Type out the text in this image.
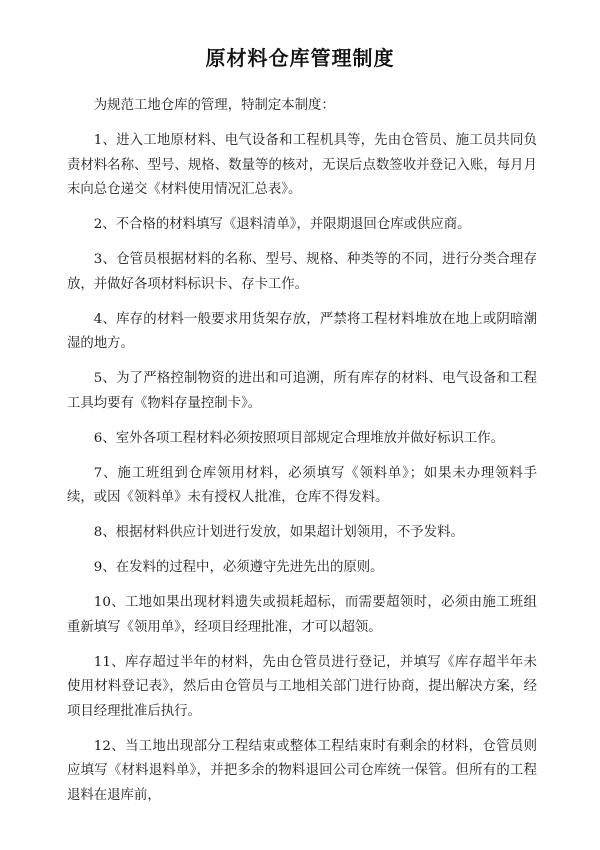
原材料仓库管理制度

为规范工地仓库的管理，特制定本制度：

1、进入工地原材料、电气设备和工程机具等，先由仓管员、施工员共同负责材料名称、型号、规格、数量等的核对，无误后点数签收并登记入账，每月月末向总仓递交《材料使用情况汇总表》。

2、不合格的材料填写《退料清单》，并限期退回仓库或供应商。

3、仓管员根据材料的名称、型号、规格、种类等的不同，进行分类合理存放，并做好各项材料标识卡、存卡工作。

4、库存的材料一般要求用货架存放，严禁将工程材料堆放在地上或阴暗潮湿的地方。

5、为了严格控制物资的进出和可追溯，所有库存的材料、电气设备和工程工具均要有《物料存量控制卡》。

6、室外各项工程材料必须按照项目部规定合理堆放并做好标识工作。

7、施工班组到仓库领用材料，必须填写《领料单》；如果未办理领料手续，或因《领料单》未有授权人批准，仓库不得发料。

8、根据材料供应计划进行发放，如果超计划领用，不予发料。

9、在发料的过程中，必须遵守先进先出的原则。

10、工地如果出现材料遗失或损耗超标，而需要超领时，必须由施工班组重新填写《领用单》，经项目经理批准，才可以超领。

11、库存超过半年的材料，先由仓管员进行登记，并填写《库存超半年未使用材料登记表》，然后由仓管员与工地相关部门进行协商，提出解决方案，经项目经理批准后执行。

12、当工地出现部分工程结束或整体工程结束时有剩余的材料，仓管员则应填写《材料退料单》，并把多余的物料退回公司仓库统一保管。但所有的工程退料在退库前，
